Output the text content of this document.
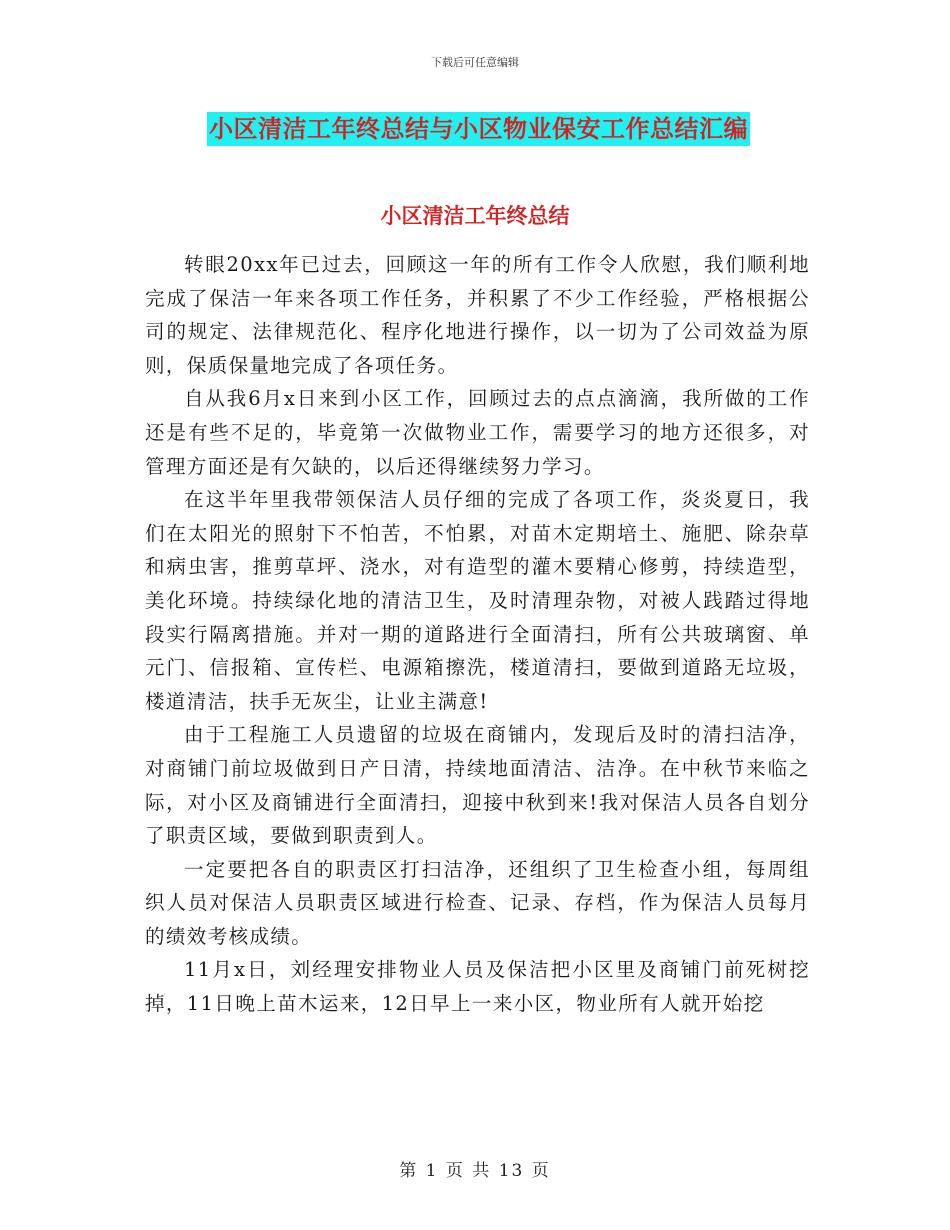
下载后可任意编辑
小区清洁工年终总结与小区物业保安工作总结汇编
小区清洁工年终总结

转眼20xx年已过去，回顾这一年的所有工作令人欣慰，我们顺利地完成了保洁一年来各项工作任务，并积累了不少工作经验，严格根据公司的规定、法律规范化、程序化地进行操作，以一切为了公司效益为原则，保质保量地完成了各项任务。

自从我6月x日来到小区工作，回顾过去的点点滴滴，我所做的工作还是有些不足的，毕竟第一次做物业工作，需要学习的地方还很多，对管理方面还是有欠缺的，以后还得继续努力学习。

在这半年里我带领保洁人员仔细的完成了各项工作，炎炎夏日，我们在太阳光的照射下不怕苦，不怕累，对苗木定期培土、施肥、除杂草和病虫害，推剪草坪、浇水，对有造型的灌木要精心修剪，持续造型，美化环境。持续绿化地的清洁卫生，及时清理杂物，对被人践踏过得地段实行隔离措施。并对一期的道路进行全面清扫，所有公共玻璃窗、单元门、信报箱、宣传栏、电源箱擦洗，楼道清扫，要做到道路无垃圾，楼道清洁，扶手无灰尘，让业主满意!

由于工程施工人员遗留的垃圾在商铺内，发现后及时的清扫洁净，对商铺门前垃圾做到日产日清，持续地面清洁、洁净。在中秋节来临之际，对小区及商铺进行全面清扫，迎接中秋到来!我对保洁人员各自划分了职责区域，要做到职责到人。

一定要把各自的职责区打扫洁净，还组织了卫生检查小组，每周组织人员对保洁人员职责区域进行检查、记录、存档，作为保洁人员每月的绩效考核成绩。

11月x日，刘经理安排物业人员及保洁把小区里及商铺门前死树挖掉，11日晚上苗木运来，12日早上一来小区，物业所有人就开始挖

第 1 页 共 13 页
